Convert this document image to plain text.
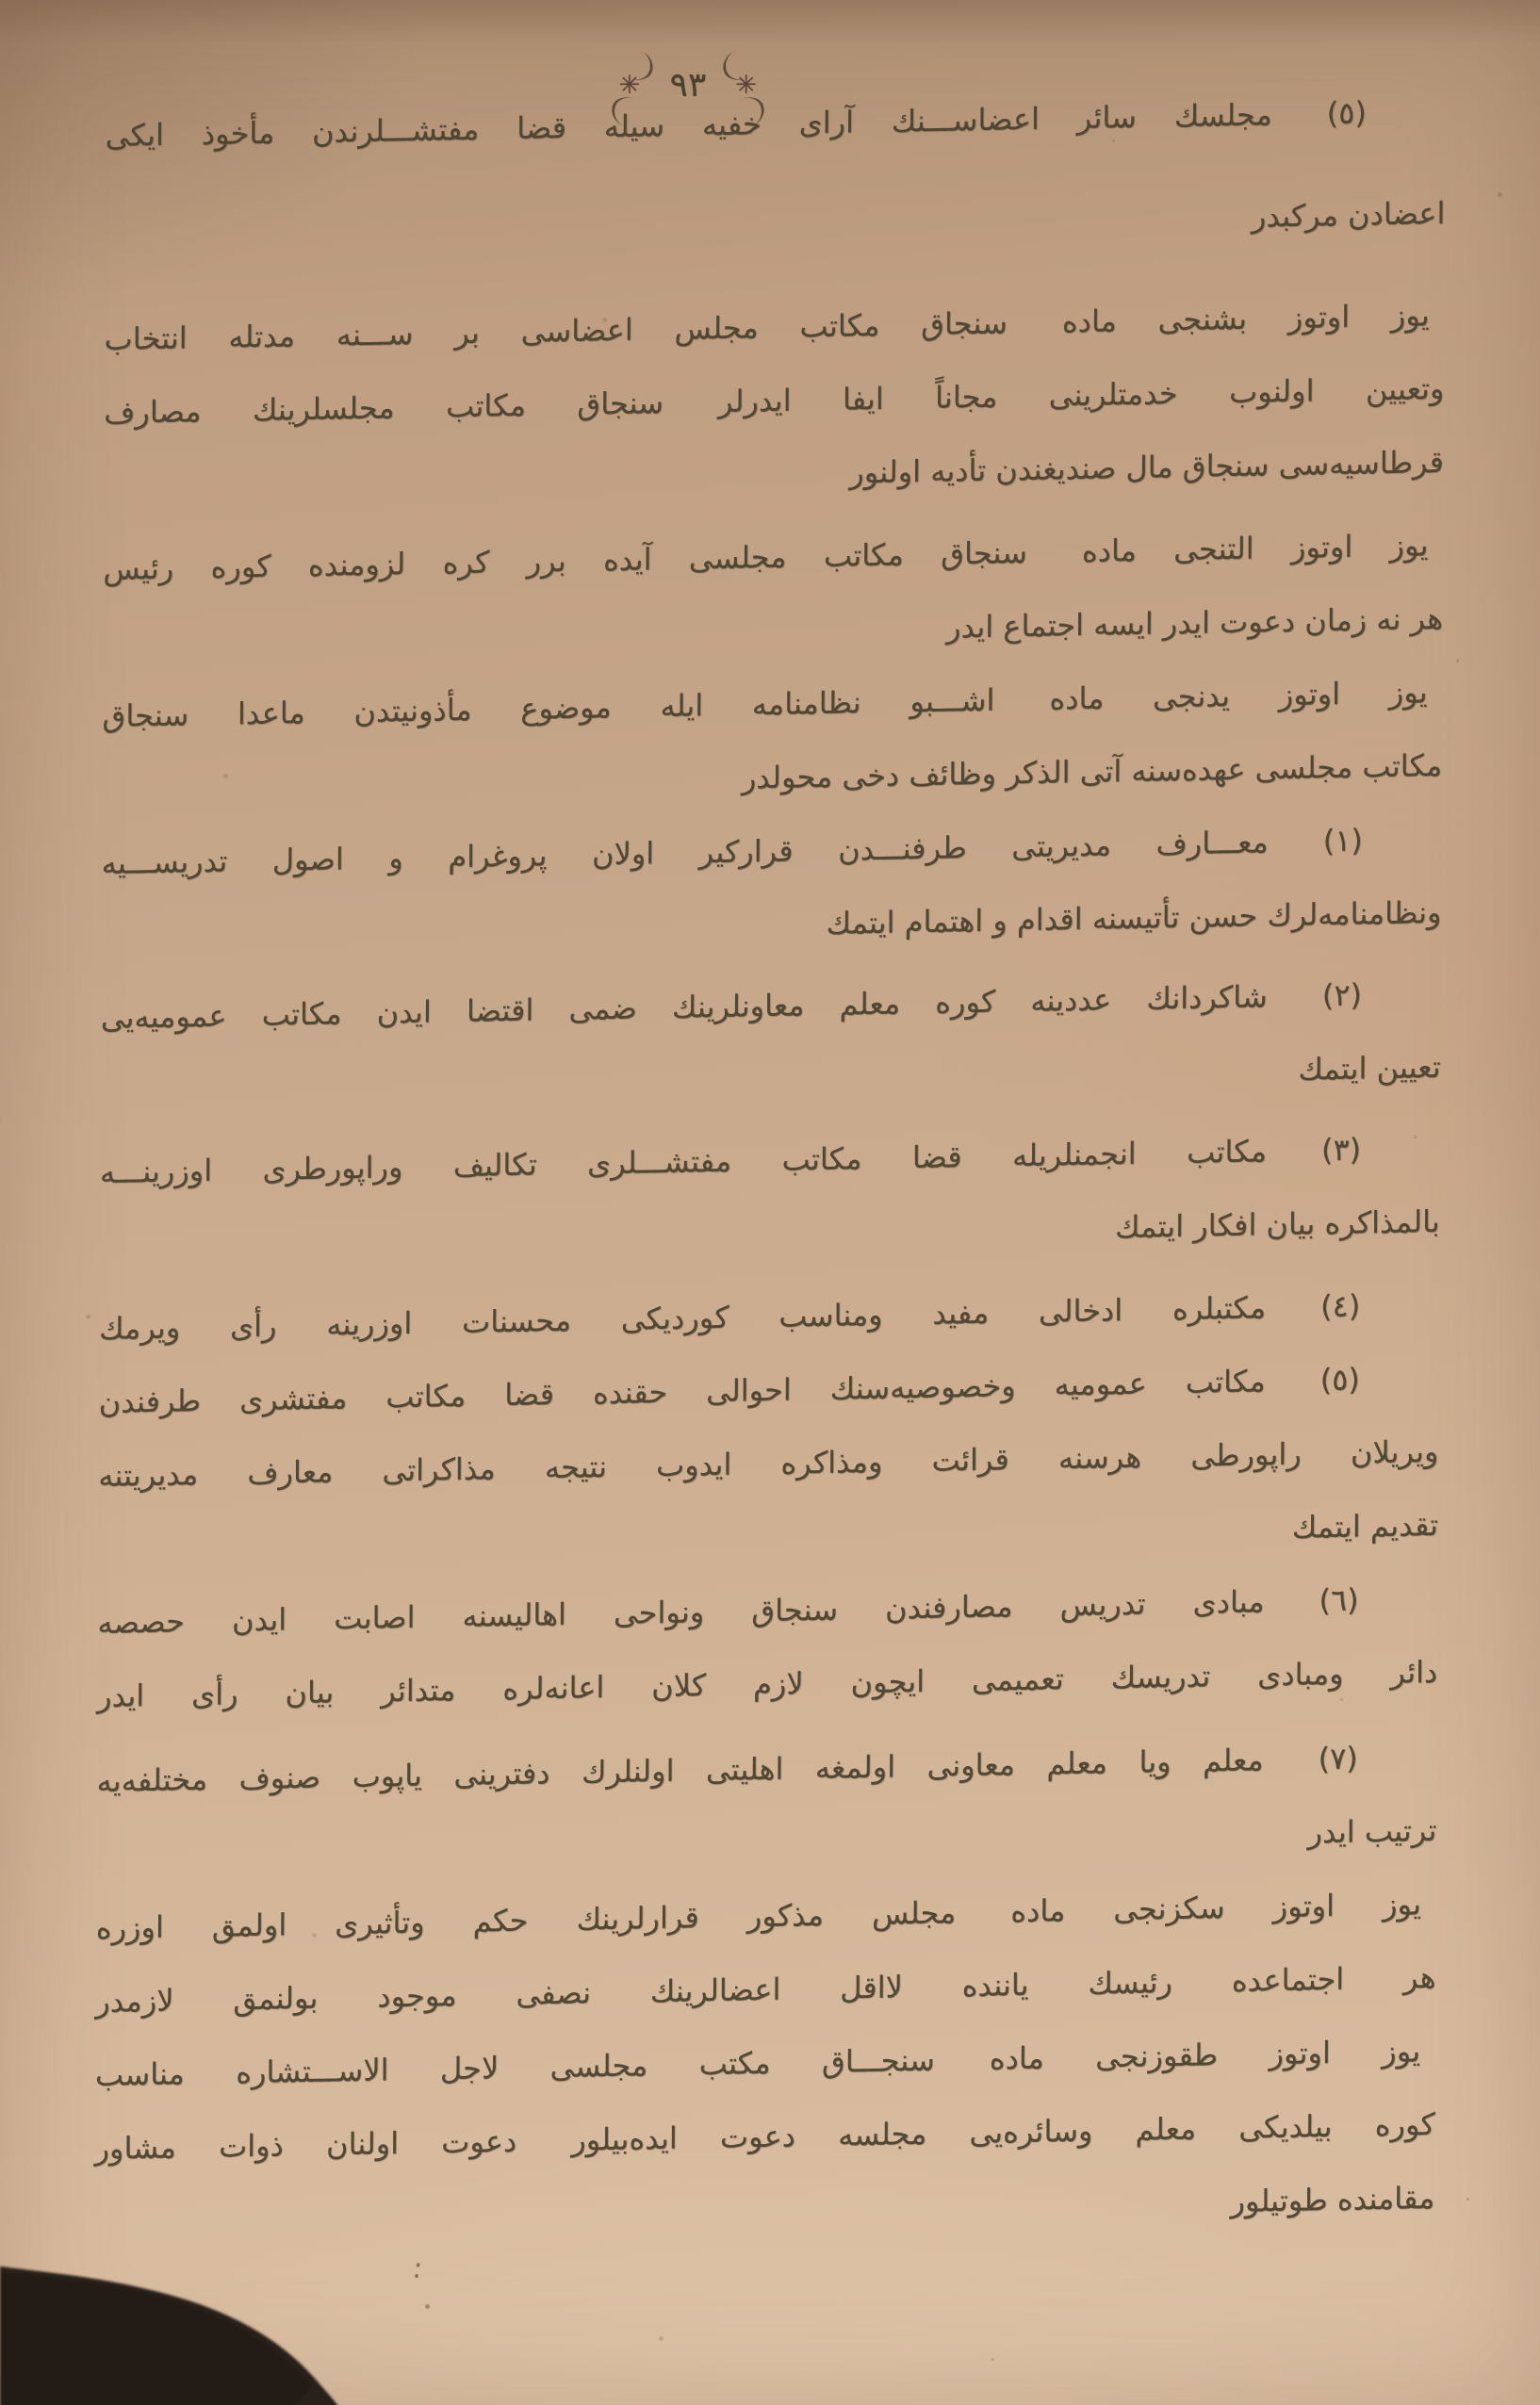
✳ ٩٣ ✳
(٥)مجلسك سائر اعضاســـنك آرای خفیه سیله قضا مفتشـــلرندن مأخوذ ایكی
اعضادن مركبدر
یوز اوتوز بشنجی مادهسنجاق مكاتب مجلس اعضاسی بر ســـنه مدتله انتخاب
وتعیین اولنوب خدمتلرینی مجاناً ایفا ایدرلرسنجاق مكاتب مجلسلرینك مصارف
قرطاسیه‌سی سنجاق مال صندیغندن تأدیه اولنور
یوز اوتوز التنجی مادهسنجاق مكاتب مجلسی آیده برر كره لزومنده كوره رئیس
هر نه زمان دعوت ایدر ایسه اجتماع ایدر
یوز اوتوز یدنجی مادهاشـــبو نظامنامه ایله موضوع مأذونیتدن ماعدا سنجاق
مكاتب مجلسی عهده‌سنه آتی الذكر وظائف دخی محولدر
(١)معـــارف مدیریتی طرفنـــدن قراركیر اولان پروغرام و اصول تدریســـیه
ونظامنامه‌لرك حسن تأتیسنه اقدام و اهتمام ایتمك
(٢)شاكردانك عددینه كوره معلم معاونلرینك ضمی اقتضا ایدن مكاتب عمومیه‌یی
تعیین ایتمك
(٣)مكاتب انجمنلریله قضا مكاتب مفتشـــلری تكالیف وراپورطری اوزرینـــه
بالمذاكره بیان افكار ایتمك
(٤)مكتبلره ادخالی مفید ومناسب كوردیكی محسنات اوزرینه رأی ویرمك
(٥)مكاتب عمومیه وخصوصیه‌سنك احوالی حقنده قضا مكاتب مفتشری طرفندن
ویریلان راپورطی هرسنه قرائت ومذاكره ایدوب نتیجه مذاكراتی معارف مدیریتنه
تقدیم ایتمك
(٦)مبادی تدریس مصارفندن سنجاق ونواحی اهالیسنه اصابت ایدن حصصه
دائر ومبادی تدریسك تعمیمی ایچون لازم كلان اعانه‌لره متدائر بیان رأی ایدر
(٧)معلم ویا معلم معاونی اولمغه اهلیتی اولنلرك دفترینی یاپوب صنوف مختلفه‌یه
ترتیب ایدر
یوز اوتوز سكزنجی مادهمجلس مذكور قرارلرینك حكم وتأثیری اولمق اوزره
هر اجتماعده رئیسك یاننده لااقل اعضالرینك نصفی موجود بولنمق لازمدر
یوز اوتوز طقوزنجی مادهسنجـــاق مكتب مجلسی لاجل الاســـتشاره مناسب
كوره بیلدیكی معلم وسائره‌یی مجلسه دعوت ایده‌بیلوردعوت اولنان ذوات مشاور
مقامنده طوتیلور
:
